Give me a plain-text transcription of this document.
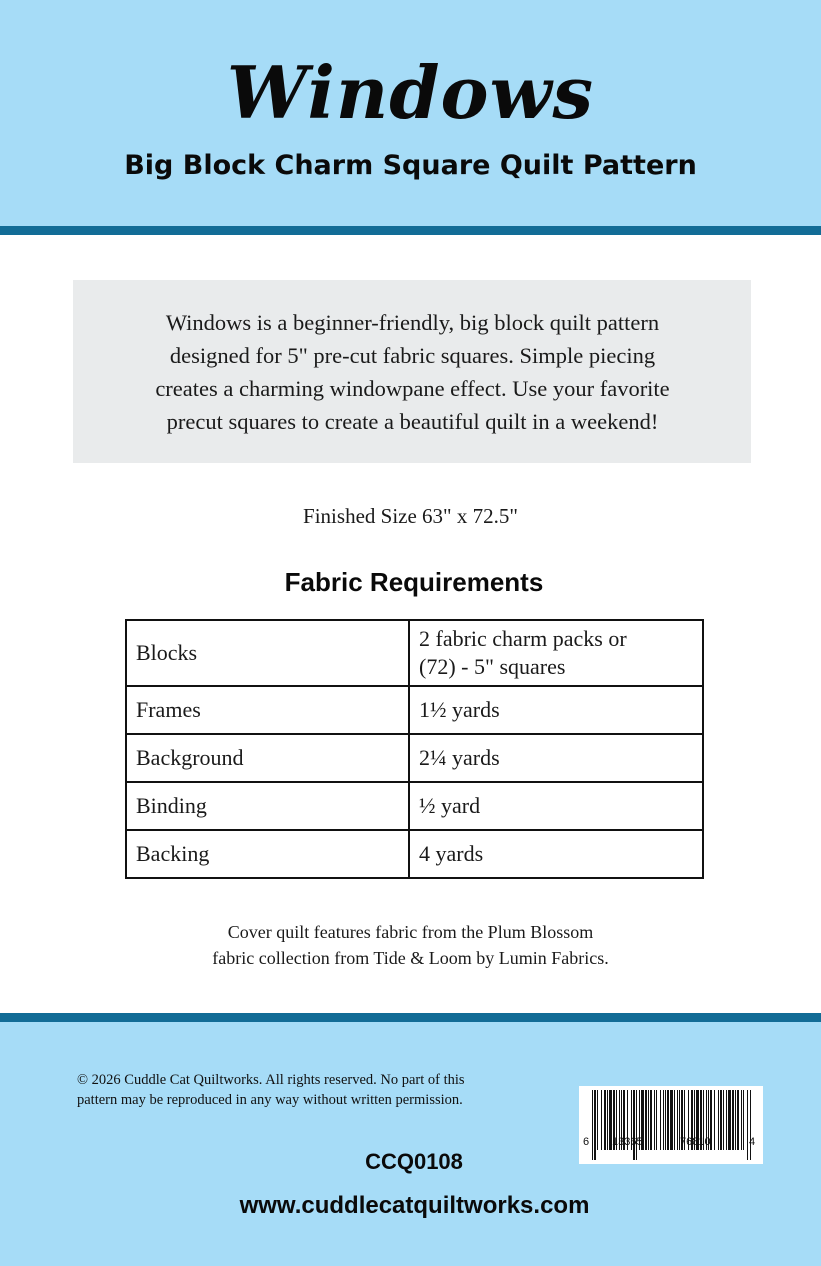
Windows
Big Block Charm Square Quilt Pattern
Windows is a beginner-friendly, big block quilt pattern
designed for 5" pre-cut fabric squares. Simple piecing
creates a charming windowpane effect. Use your favorite
precut squares to create a beautiful quilt in a weekend!
Finished Size 63" x 72.5"
Fabric Requirements
Blocks	2 fabric charm packs or
(72) - 5" squares

Frames	1½ yards
Background	2¼ yards
Binding	½ yard
Backing	4 yards
Cover quilt features fabric from the Plum Blossom
fabric collection from Tide & Loom by Lumin Fabrics.
© 2026 Cuddle Cat Quiltworks. All rights reserved. No part of this
pattern may be reproduced in any way without written permission.
6 13365	76810	4
CCQ0108
www.cuddlecatquiltworks.com
